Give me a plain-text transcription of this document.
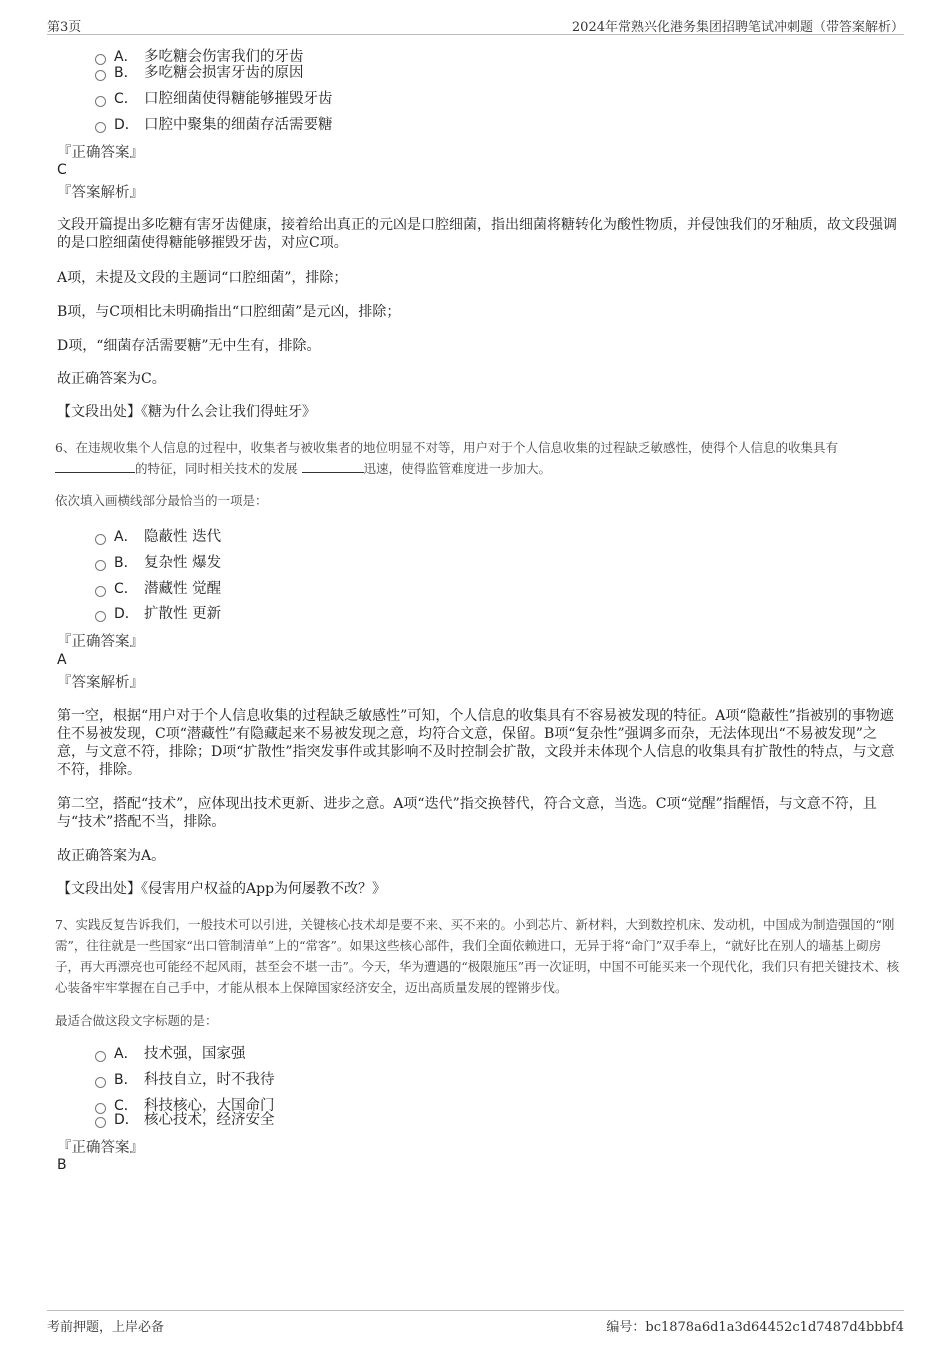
第3页	2024年常熟兴化港务集团招聘笔试冲刺题（带答案解析）
A． 多吃糖会伤害我们的牙齿
B． 多吃糖会损害牙齿的原因
C． 口腔细菌使得糖能够摧毁牙齿
D． 口腔中聚集的细菌存活需要糖
『正确答案』
C
『答案解析』
文段开篇提出多吃糖有害牙齿健康，接着给出真正的元凶是口腔细菌，指出细菌将糖转化为酸性物质，并侵蚀我们的牙釉质，故文段强调的是口腔细菌使得糖能够摧毁牙齿，对应C项。
A项，未提及文段的主题词“口腔细菌”，排除；
B项，与C项相比未明确指出“口腔细菌”是元凶，排除；
D项，“细菌存活需要糖”无中生有，排除。
故正确答案为C。
【文段出处】《糖为什么会让我们得蛀牙》
6、在违规收集个人信息的过程中，收集者与被收集者的地位明显不对等，用户对于个人信息收集的过程缺乏敏感性，使得个人信息的收集具有
的特征，同时相关技术的发展	迅速，使得监管难度进一步加大。
依次填入画横线部分最恰当的一项是：
A． 隐蔽性 迭代
B． 复杂性 爆发
C． 潜藏性 觉醒
D． 扩散性 更新
『正确答案』
A
『答案解析』
第一空，根据“用户对于个人信息收集的过程缺乏敏感性”可知，个人信息的收集具有不容易被发现的特征。A项“隐蔽性”指被别的事物遮住不易被发现，C项“潜藏性”有隐藏起来不易被发现之意，均符合文意，保留。B项“复杂性”强调多而杂，无法体现出“不易被发现”之意，与文意不符，排除；D项“扩散性”指突发事件或其影响不及时控制会扩散，文段并未体现个人信息的收集具有扩散性的特点，与文意不符，排除。
第二空，搭配“技术”，应体现出技术更新、进步之意。A项“迭代”指交换替代，符合文意，当选。C项“觉醒”指醒悟，与文意不符，且与“技术”搭配不当，排除。
故正确答案为A。
【文段出处】《侵害用户权益的App为何屡教不改？》
7、实践反复告诉我们，一般技术可以引进，关键核心技术却是要不来、买不来的。小到芯片、新材料，大到数控机床、发动机，中国成为制造强国的“刚需”，往往就是一些国家“出口管制清单”上的“常客”。如果这些核心部件，我们全面依赖进口，无异于将“命门”双手奉上，“就好比在别人的墙基上砌房子，再大再漂亮也可能经不起风雨，甚至会不堪一击”。今天，华为遭遇的“极限施压”再一次证明，中国不可能买来一个现代化，我们只有把关键技术、核心装备牢牢掌握在自己手中，才能从根本上保障国家经济安全，迈出高质量发展的铿锵步伐。
最适合做这段文字标题的是：
A． 技术强，国家强
B． 科技自立，时不我待
C． 科技核心，大国命门
D． 核心技术，经济安全
『正确答案』
B
考前押题，上岸必备	编号：bc1878a6d1a3d64452c1d7487d4bbbf4
